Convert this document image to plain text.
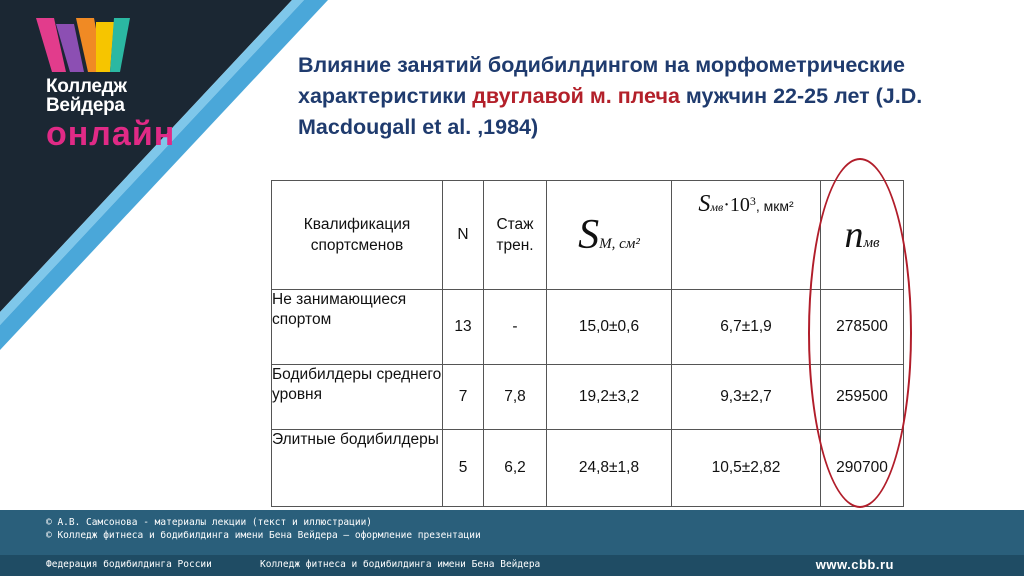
Колледж
Вейдера
онлайн
Влияние занятий бодибилдингом на морфометрические характеристики двуглавой м. плеча мужчин 22-25 лет (J.D. Macdougall et al. ,1984)
Квалификация спортсменов	N	Стаж трен.	SМ, см²	$Sмв\cdot 10^3$, мкм²	nмв
Не занимающиеся спортом	13	-	15,0±0,6	6,7±1,9	278500
Бодибилдеры среднего уровня	7	7,8	19,2±3,2	9,3±2,7	259500
Элитные бодибилдеры	5	6,2	24,8±1,8	10,5±2,82	290700
© А.В. Самсонова - материалы лекции (текст и иллюстрации)
© Колледж фитнеса и бодибилдинга имени Бена Вейдера — оформление презентации
Федерация бодибилдинга России	Колледж фитнеса и бодибилдинга имени Бена Вейдера	www.cbb.ru
